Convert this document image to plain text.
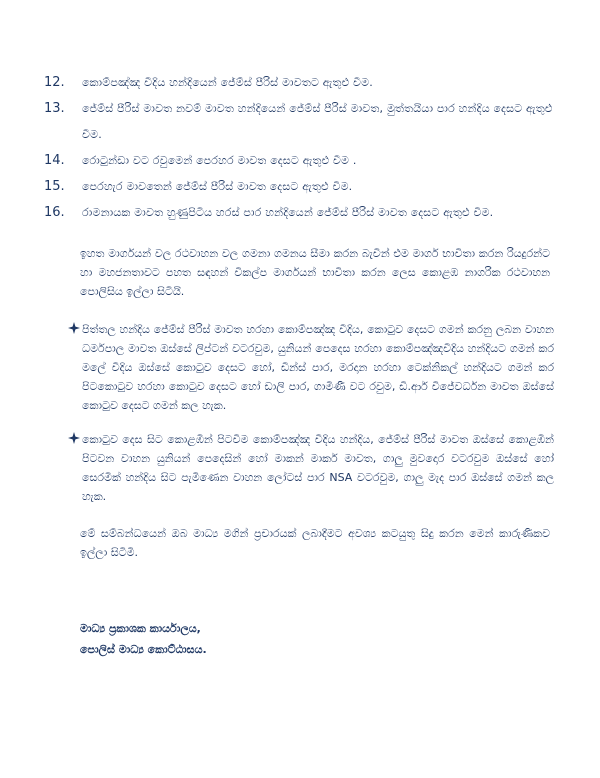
12. කොම්පඤ්ඤ වීදිය හන්දියෙන් ජේම්ස් පීරිස් මාවතට ඇතුළු වීම.
13. ජේම්ස් පීරිස් මාවත නවම් මාවත හන්දියෙන් ජේම්ස් පීරිස් මාවත, මුත්තයියා පාර හන්දිය දෙසට ඇතුළු වීම.
14. රොටුන්ඩා වට රවුමෙන් පෙරහර මාවත දෙසට ඇතුළු වීම .
15. පෙරහැර මාවතෙන් ජේම්ස් පීරිස් මාවත දෙසට ඇතුළු වීම.
16. රාමනායක මාවත හුණුපිටිය හරස් පාර හන්දියෙන් ජේම්ස් පීරිස් මාවත දෙසට ඇතුළු වීම.

ඉහත මාර්ගයන් වල රථවාහන වල ගමනා ගමනය සීමා කරන බැවින් එම මාර්ග භාවිතා කරන රියදුරන්ට හා මහජනතාවට පහත සඳහන් විකල්ප මාර්ගයන් භාවිතා කරන ලෙස කොළඹ නාගරික රථවාහන පොලිසිය ඉල්ලා සිටියි.

පිත්තල හන්දිය ජේම්ස් පීරිස් මාවත හරහා කොම්පඤ්ඤ වීදිය, කොටුව දෙසට ගමන් කරනු ලබන වාහන ධර්මපාල මාවත ඔස්සේ ලිප්ටන් වටරවුම, යුනියන් පෙදෙස හරහා කොම්පඤ්ඤවීදිය හන්දියට ගමන් කර මලේ වීදිය ඔස්සේ කොටුව දෙසට හෝ, ඩීන්ස් පාර, මරදාන හරහා ටෙක්නිකල් හන්දියට ගමන් කර පිටකොටුව හරහා කොටුව දෙසට හෝ ඩාලි පාර, ගාමිණී වට රවුම, ඩී.ආර් විජේවර්ධන මාවත ඔස්සේ කොටුව දෙසට ගමන් කල හැක.
කොටුව දෙස සිට කොළඹින් පිටවීම කොම්පඤ්ඤ වීදිය හන්දිය, ජේම්ස් පීරිස් මාවත ඔස්සේ කොළඹින් පිටවන වාහන යුනියන් පෙදෙසින් හෝ මාකන් මාකර් මාවත, ගාලු මුවදොර වටරවුම ඔස්සේ හෝ සෙරමික් හන්දිය සිට පැමිණෙන වාහන ලෝටස් පාර NSA වටරවුම, ගාලු මැද පාර ඔස්සේ ගමන් කල හැක.

මේ සම්බන්ධයෙන් ඔබ මාධ්‍ය මගින් ප්‍රචාරයක් ලබාදීමට අවශ්‍ය කටයුතු සිදු කරන මෙන් කාරුණිකව ඉල්ලා සිටිමි.

මාධ්‍ය ප්‍රකාශක කාර්යාලය,
පොලිස් මාධ්‍ය කොට්ඨාසය.
